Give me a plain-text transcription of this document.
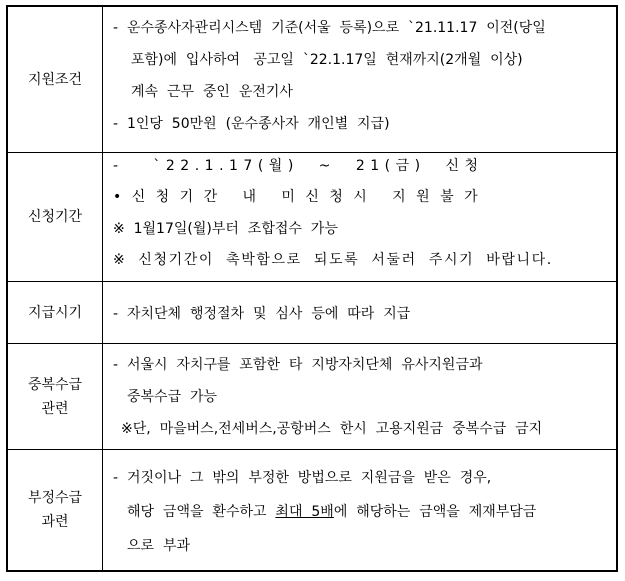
지원조건
-  운수종사자관리시스템  기준(서울  등록)으로  `21.11.17  이전(당일
포함)에  입사하여   공고일  `22.1.17일  현재까지(2개월  이상)
계속  근무  중인  운전기사
-  1인당  50만원  (운수종사자  개인별  지급)
신청기간
-   `22.1.17(월)  ~  21(금)  신청
• 신 청 기 간   내   미 신 청 시   지 원 불 가
※  1월17일(월)부터  조합접수  가능
※  신청기간이  촉박함으로  되도록  서둘러  주시기  바랍니다.
지급시기 -  자치단체  행정절차  및  심사  등에  따라  지급
중복수급
관련
-  서울시  자치구를  포함한  타  지방자치단체  유사지원금과
중복수급  가능
※단,  마을버스,전세버스,공항버스  한시  고용지원금  중복수급  금지
부정수급
과련
-  거짓이나  그  밖의  부정한  방법으로  지원금을  받은  경우,
해당  금액을  환수하고  최대  5배에  해당하는  금액을  제재부담금
으로  부과
